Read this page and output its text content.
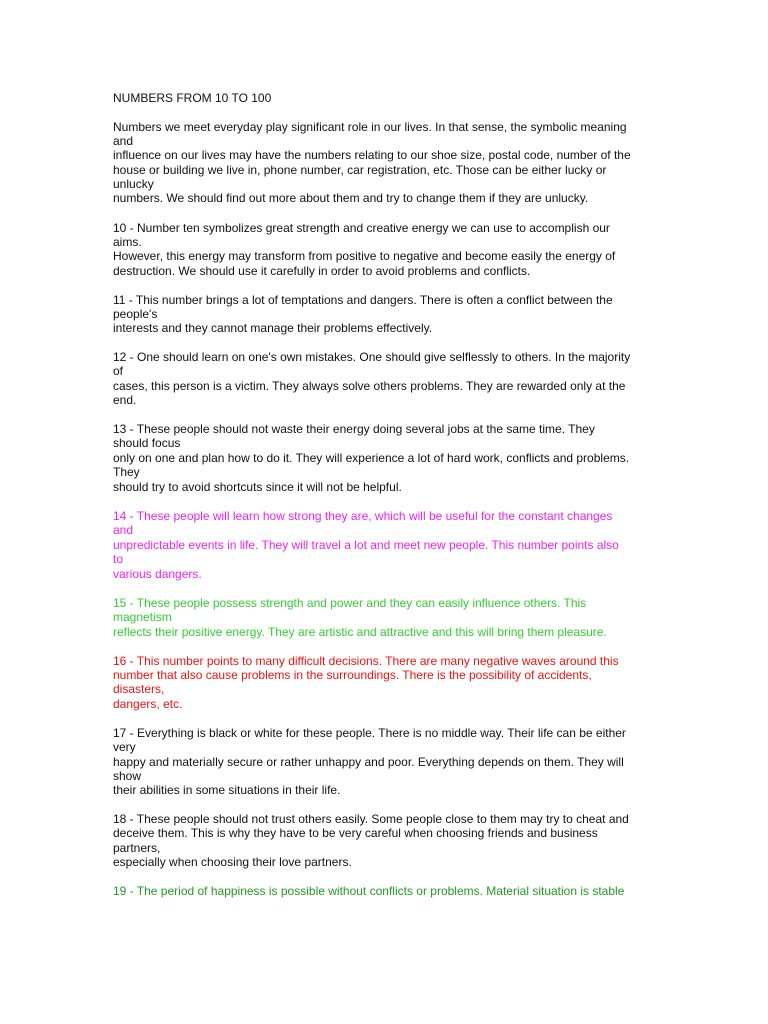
NUMBERS FROM 10 TO 100
Numbers we meet everyday play significant role in our lives. In that sense, the symbolic meaning
and
influence on our lives may have the numbers relating to our shoe size, postal code, number of the
house or building we live in, phone number, car registration, etc. Those can be either lucky or
unlucky
numbers. We should find out more about them and try to change them if they are unlucky.
10 - Number ten symbolizes great strength and creative energy we can use to accomplish our
aims.
However, this energy may transform from positive to negative and become easily the energy of
destruction. We should use it carefully in order to avoid problems and conflicts.
11 - This number brings a lot of temptations and dangers. There is often a conflict between the
people's
interests and they cannot manage their problems effectively.
12 - One should learn on one's own mistakes. One should give selflessly to others. In the majority
of
cases, this person is a victim. They always solve others problems. They are rewarded only at the
end.
13 - These people should not waste their energy doing several jobs at the same time. They
should focus
only on one and plan how to do it. They will experience a lot of hard work, conflicts and problems.
They
should try to avoid shortcuts since it will not be helpful.
14 - These people will learn how strong they are, which will be useful for the constant changes
and
unpredictable events in life. They will travel a lot and meet new people. This number points also
to
various dangers.
15 - These people possess strength and power and they can easily influence others. This
magnetism
reflects their positive energy. They are artistic and attractive and this will bring them pleasure.
16 - This number points to many difficult decisions. There are many negative waves around this
number that also cause problems in the surroundings. There is the possibility of accidents,
disasters,
dangers, etc.
17 - Everything is black or white for these people. There is no middle way. Their life can be either
very
happy and materially secure or rather unhappy and poor. Everything depends on them. They will
show
their abilities in some situations in their life.
18 - These people should not trust others easily. Some people close to them may try to cheat and
deceive them. This is why they have to be very careful when choosing friends and business
partners,
especially when choosing their love partners.
19 - The period of happiness is possible without conflicts or problems. Material situation is stable
